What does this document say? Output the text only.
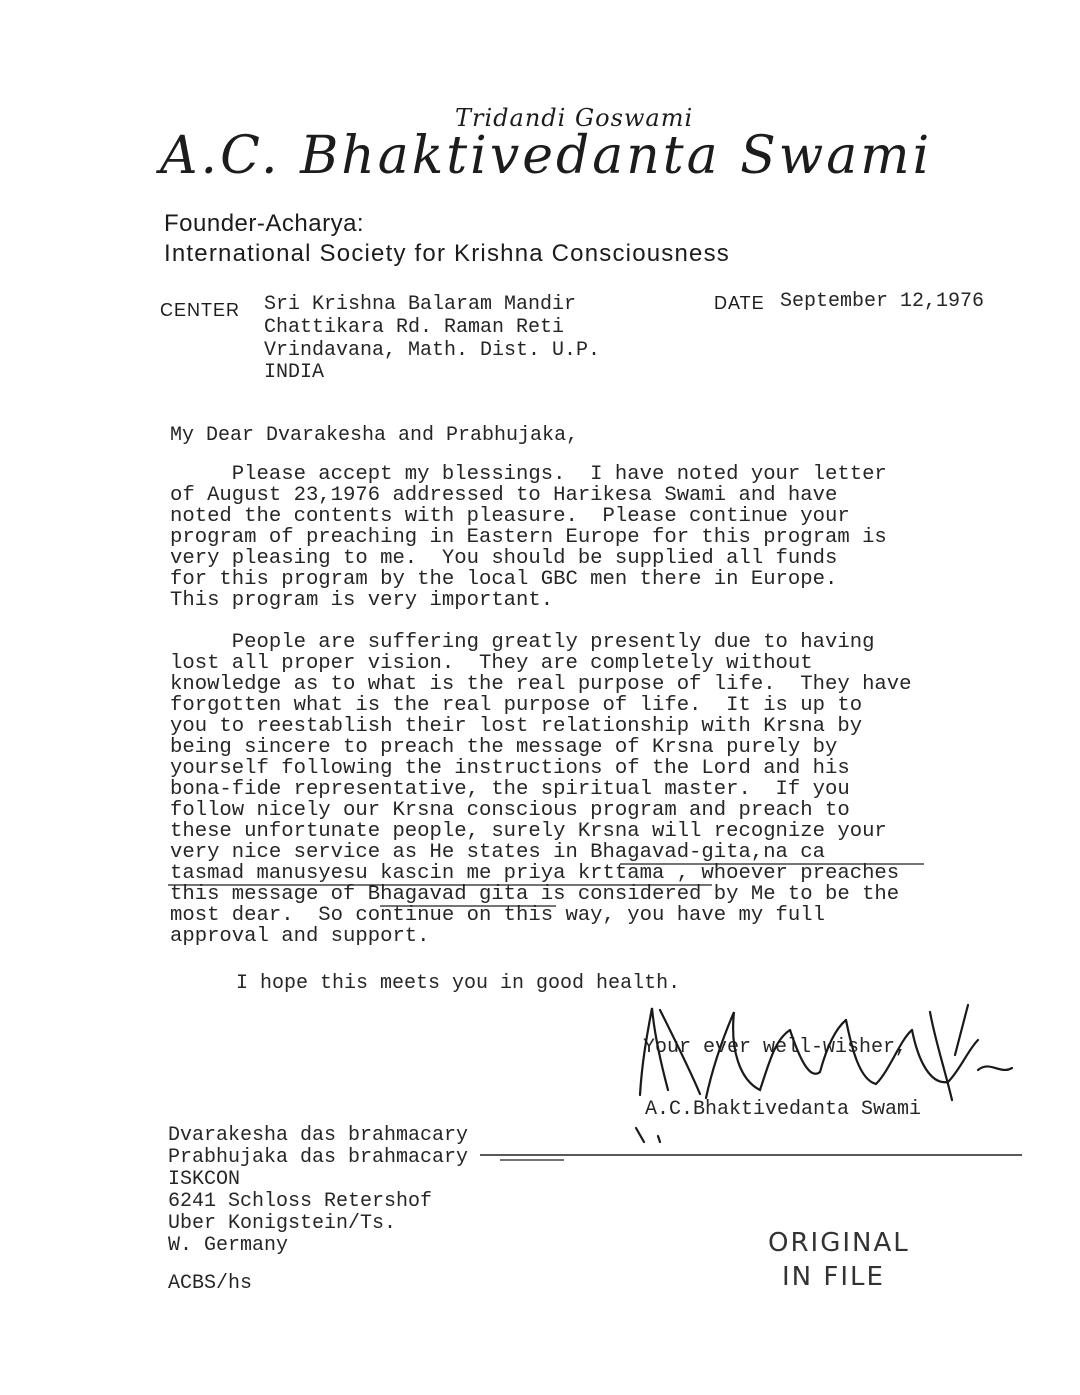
Tridandi Goswami
A.C. Bhaktivedanta Swami
Founder-Acharya:
International Society for Krishna Consciousness
CENTER Sri Krishna Balaram Mandir
Chattikara Rd. Raman Reti
Vrindavana, Math. Dist. U.P.
INDIA
DATE September 12,1976
My Dear Dvarakesha and Prabhujaka,
Please accept my blessings.  I have noted your letter
of August 23,1976 addressed to Harikesa Swami and have
noted the contents with pleasure.  Please continue your
program of preaching in Eastern Europe for this program is
very pleasing to me.  You should be supplied all funds
for this program by the local GBC men there in Europe.
This program is very important.
People are suffering greatly presently due to having
lost all proper vision.  They are completely without
knowledge as to what is the real purpose of life.  They have
forgotten what is the real purpose of life.  It is up to
you to reestablish their lost relationship with Krsna by
being sincere to preach the message of Krsna purely by
yourself following the instructions of the Lord and his
bona-fide representative, the spiritual master.  If you
follow nicely our Krsna conscious program and preach to
these unfortunate people, surely Krsna will recognize your
very nice service as He states in Bhagavad-gita,na ca
tasmad manusyesu kascin me priya krttama , whoever preaches
this message of Bhagavad gita is considered by Me to be the
most dear.  So continue on this way, you have my full
approval and support.
I hope this meets you in good health.
Your ever well-wisher,
A.C.Bhaktivedanta Swami
Dvarakesha das brahmacary
Prabhujaka das brahmacary
ISKCON
6241 Schloss Retershof
Uber Konigstein/Ts.
W. Germany
ACBS/hs
ORIGINAL
IN FILE
